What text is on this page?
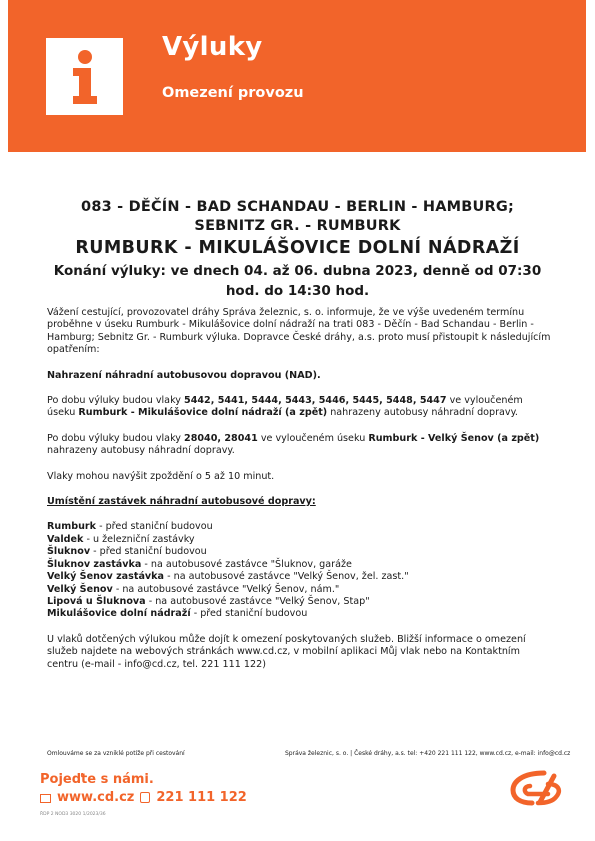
Výluky
Omezení provozu
083 - DĚČÍN - BAD SCHANDAU - BERLIN - HAMBURG;
SEBNITZ GR. - RUMBURK
RUMBURK - MIKULÁŠOVICE DOLNÍ NÁDRAŽÍ
Konání výluky: ve dnech 04. až 06. dubna 2023, denně od 07:30
hod. do 14:30 hod.

Vážení cestující, provozovatel dráhy Správa železnic, s. o. informuje, že ve výše uvedeném termínu proběhne v úseku Rumburk - Mikulášovice dolní nádraží na trati 083 - Děčín - Bad Schandau - Berlin - Hamburg; Sebnitz Gr. - Rumburk výluka. Dopravce České dráhy, a.s. proto musí přistoupit k následujícím opatřením:

Nahrazení náhradní autobusovou dopravou (NAD).

Po dobu výluky budou vlaky 5442, 5441, 5444, 5443, 5446, 5445, 5448, 5447 ve vyloučeném úseku Rumburk - Mikulášovice dolní nádraží (a zpět) nahrazeny autobusy náhradní dopravy.

Po dobu výluky budou vlaky 28040, 28041 ve vyloučeném úseku Rumburk - Velký Šenov (a zpět) nahrazeny autobusy náhradní dopravy.

Vlaky mohou navýšit zpoždění o 5 až 10 minut.

Umístění zastávek náhradní autobusové dopravy:

Rumburk - před staniční budovou
Valdek - u železniční zastávky
Šluknov - před staniční budovou
Šluknov zastávka - na autobusové zastávce "Šluknov, garáže
Velký Šenov zastávka - na autobusové zastávce "Velký Šenov, žel. zast."
Velký Šenov - na autobusové zastávce "Velký Šenov, nám."
Lipová u Šluknova - na autobusové zastávce "Velký Šenov, Stap"
Mikulášovice dolní nádraží - před staniční budovou

U vlaků dotčených výlukou může dojít k omezení poskytovaných služeb. Bližší informace o omezení služeb najdete na webových stránkách www.cd.cz, v mobilní aplikaci Můj vlak nebo na Kontaktním centru (e-mail - info@cd.cz, tel. 221 111 122)

Omlouváme se za vzniklé potíže při cestování	Správa železnic, s. o. | České dráhy, a.s. tel: +420 221 111 122, www.cd.cz, e-mail: info@cd.cz
Pojeďte s námi.
www.cd.cz 221 111 122
ŘDP 2 NOD3 3020 1/2023/36
